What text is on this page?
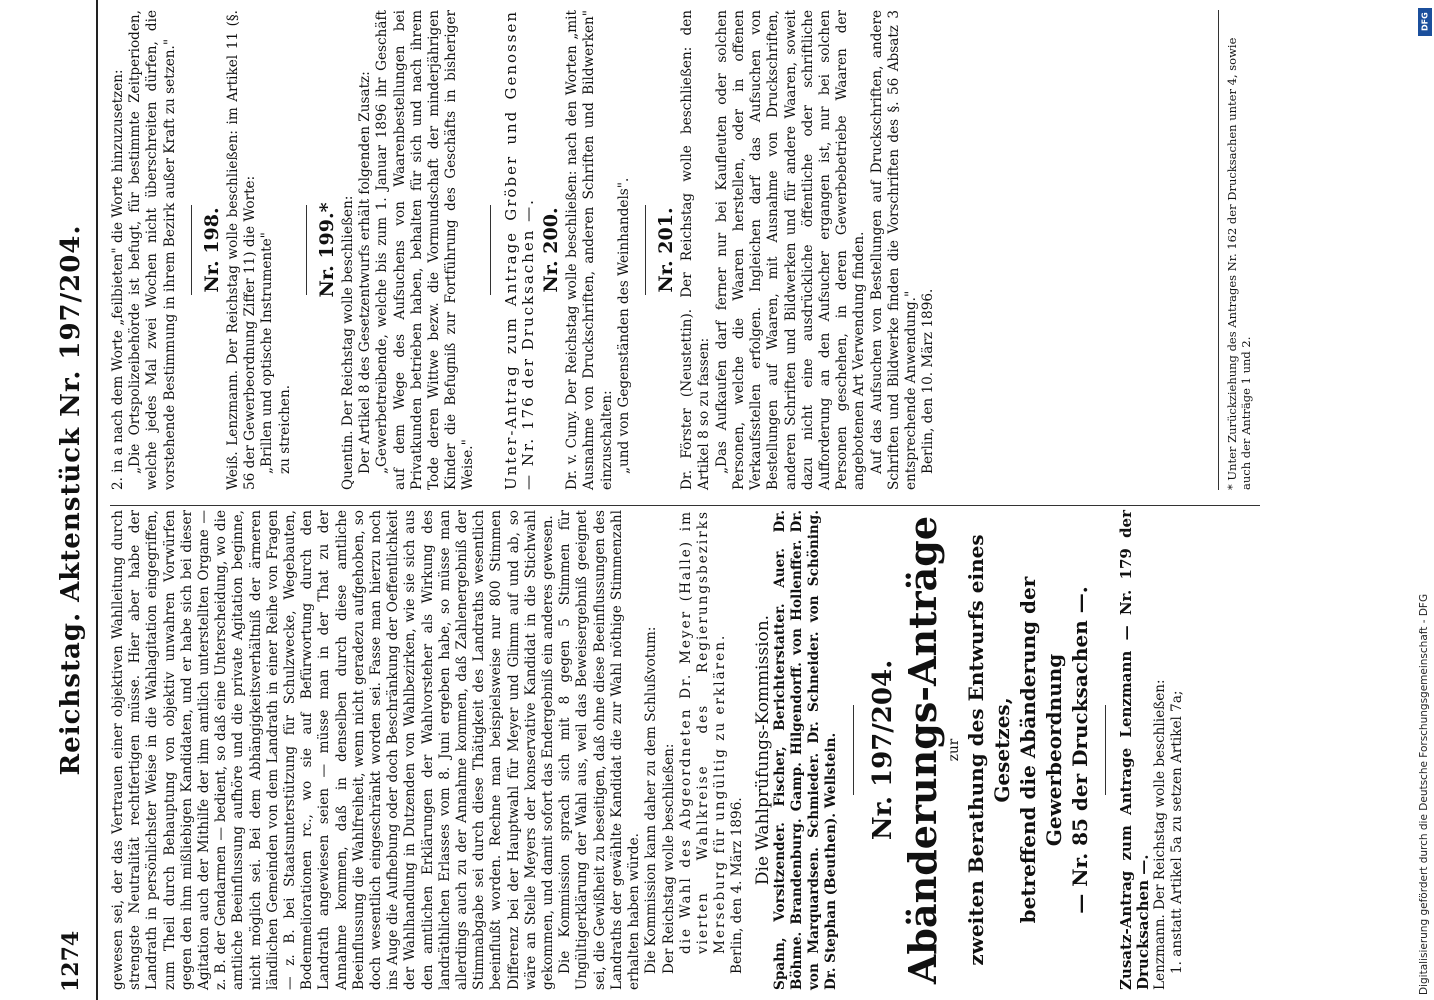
1274
Reichstag. Aktenstück Nr. 197/204. gewesen sei, der das Vertrauen einer objektiven Wahlleitung durch strengste Neutralität rechtfertigen müsse. Hier aber habe der Landrath in persönlichster Weise in die Wahlagitation eingegriffen, zum Theil durch Behauptung von objektiv unwahren Vorwürfen gegen den ihm mißliebigen Kandidaten, und er habe sich bei dieser Agitation auch der Mithilfe der ihm amtlich unterstellten Organe — z. B. der Gendarmen — bedient, so daß eine Unterscheidung, wo die amtliche Beeinflussung aufhöre und die private Agitation beginne, nicht möglich sei. Bei dem Abhängigkeitsverhältniß der ärmeren ländlichen Gemeinden von dem Landrath in einer Reihe von Fragen — z. B. bei Staatsunterstützung für Schulzwecke, Wegebauten, Bodenmeliorationen rc., wo sie auf Befürwortung durch den Landrath angewiesen seien — müsse man in der That zu der Annahme kommen, daß in denselben durch diese amtliche Beeinflussung die Wahlfreiheit, wenn nicht geradezu aufgehoben, so doch wesentlich eingeschränkt worden sei. Fasse man hierzu noch ins Auge die Aufhebung oder doch Beschränkung der Oeffentlichkeit der Wahlhandlung in Dutzenden von Wahlbezirken, wie sie sich aus den amtlichen Erklärungen der Wahlvorsteher als Wirkung des landräthlichen Erlasses vom 8. Juni ergeben habe, so müsse man allerdings auch zu der Annahme kommen, daß Zahlenergebniß der Stimmabgabe sei durch diese Thätigkeit des Landraths wesentlich beeinflußt worden. Rechne man beispielsweise nur 800 Stimmen Differenz bei der Hauptwahl für Meyer und Glimm auf und ab, so wäre an Stelle Meyers der konservative Kandidat in die Stichwahl gekommen, und damit sofort das Endergebniß ein anderes gewesen. Die Kommission sprach sich mit 8 gegen 5 Stimmen für Ungültigerklärung der Wahl aus, weil das Beweisergebniß geeignet sei, die Gewißheit zu beseitigen, daß ohne diese Beeinflussungen des Landraths der gewählte Kandidat die zur Wahl nöthige Stimmenzahl erhalten haben würde. Die Kommission kann daher zu dem Schlußvotum: Der Reichstag wolle beschließen: die Wahl des Abgeordneten Dr. Meyer (Halle) im vierten Wahlkreise des Regierungsbezirks Merseburg für ungültig zu erklären. Berlin, den 4. März 1896.

Die Wahlprüfungs-Kommission. Spahn, Vorsitzender. Fischer, Berichterstatter. Auer. Dr. Böhme. Brandenburg. Gamp. Hilgendorff. von Hollenffer. Dr. von Marquardsen. Schmieder. Dr. Schneider. von Schöning. Dr. Stephan (Beuthen). Wellstein. Nr. 197/204. Abänderungs-Anträge zur zweiten Berathung des Entwurfs eines Gesetzes, betreffend die Abänderung der Gewerbeordnung — Nr. 85 der Drucksachen —. Zusatz-Antrag zum Antrage Lenzmann — Nr. 179 der Drucksachen —. Lenzmann. Der Reichstag wolle beschließen: 1. anstatt Artikel 5a zu setzen Artikel 7a;

2. in a nach dem Worte „feilbieten" die Worte hinzuzusetzen: „Die Ortspolizeibehörde ist befugt, für bestimmte Zeitperioden, welche jedes Mal zwei Wochen nicht überschreiten dürfen, die vorstehende Bestimmung in ihrem Bezirk außer Kraft zu setzen." Nr. 198. Weiß. Lenzmann. Der Reichstag wolle beschließen: im Artikel 11 (§. 56 der Gewerbeordnung Ziffer 11) die Worte: „Brillen und optische Instrumente" zu streichen.

Nr. 199.* Quentin. Der Reichstag wolle beschließen: Der Artikel 8 des Gesetzentwurfs erhält folgenden Zusatz: „Gewerbetreibende, welche bis zum 1. Januar 1896 ihr Geschäft auf dem Wege des Aufsuchens von Waarenbestellungen bei Privatkunden betrieben haben, behalten für sich und nach ihrem Tode deren Wittwe bezw. die Vormundschaft der minderjährigen Kinder die Befugniß zur Fortführung des Geschäfts in bisheriger Weise." Unter-Antrag zum Antrage Gröber und Genossen — Nr. 176 der Drucksachen —. Nr. 200. Dr. v. Cuny. Der Reichstag wolle beschließen: nach den Worten „mit Ausnahme von Druckschriften, anderen Schriften und Bildwerken" einzuschalten: „und von Gegenständen des Weinhandels". Nr. 201. Dr. Förster (Neustettin). Der Reichstag wolle beschließen: den Artikel 8 so zu fassen: „Das Aufkaufen darf ferner nur bei Kaufleuten oder solchen Personen, welche die Waaren herstellen, oder in offenen Verkaufsstellen erfolgen. Ingleichen darf das Aufsuchen von Bestellungen auf Waaren, mit Ausnahme von Druckschriften, anderen Schriften und Bildwerken und für andere Waaren, soweit dazu nicht eine ausdrückliche öffentliche oder schriftliche Aufforderung an den Aufsucher ergangen ist, nur bei solchen Personen geschehen, in deren Gewerbebetriebe Waaren der angebotenen Art Verwendung finden. Auf das Aufsuchen von Bestellungen auf Druckschriften, andere Schriften und Bildwerke finden die Vorschriften des §. 56 Absatz 3 entsprechende Anwendung." Berlin, den 10. März 1896.	* Unter Zurückziehung des Antrages Nr. 162 der Drucksachen unter 4, sowie auch der Anträge 1 und 2.

DFG
Digitalisierung gefördert durch die Deutsche Forschungsgemeinschaft - DFG
